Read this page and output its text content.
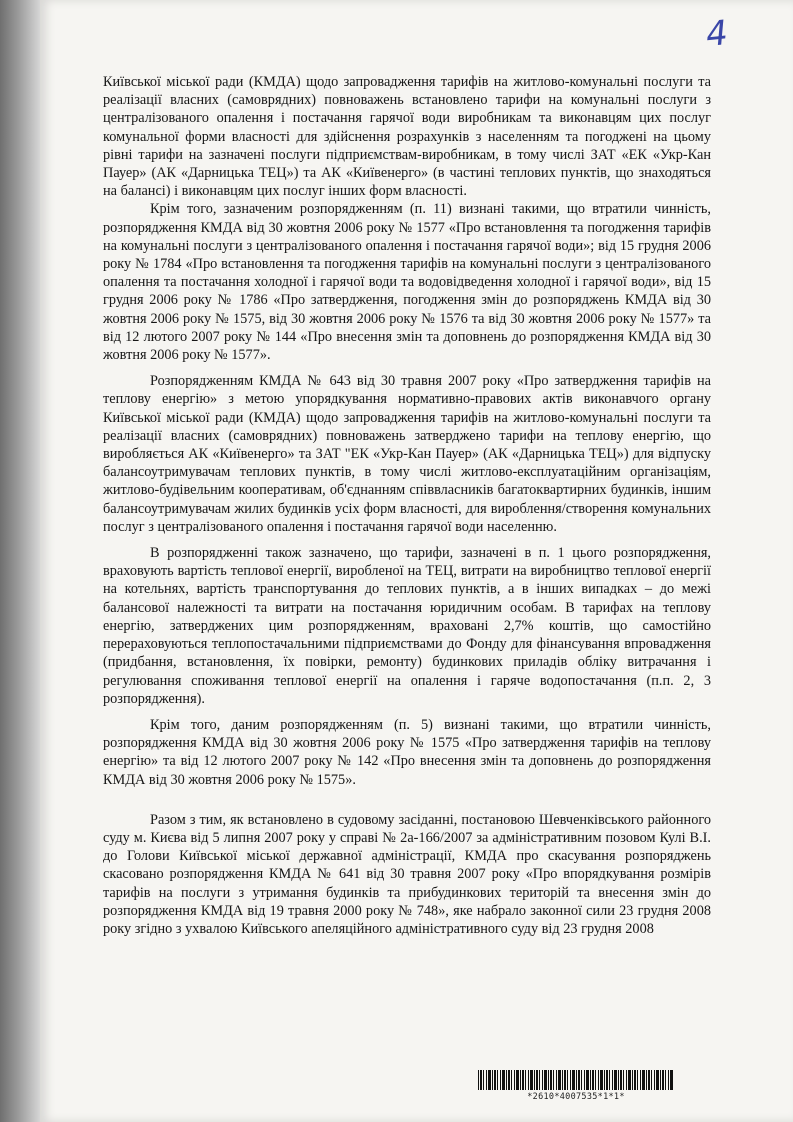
4

Київської міської ради (КМДА) щодо запровадження тарифів на житлово-комунальні послуги та реалізації власних (самоврядних) повноважень встановлено тарифи на комунальні послуги з централізованого опалення і постачання гарячої води виробникам та виконавцям цих послуг комунальної форми власності для здійснення розрахунків з населенням та погоджені на цьому рівні тарифи на зазначені послуги підприємствам-виробникам, в тому числі ЗАТ «ЕК «Укр-Кан Пауер» (АК «Дарницька ТЕЦ») та АК «Київенерго» (в частині теплових пунктів, що знаходяться на балансі) і виконавцям цих послуг інших форм власності.

Крім того, зазначеним розпорядженням (п. 11) визнані такими, що втратили чинність, розпорядження КМДА від 30 жовтня 2006 року № 1577 «Про встановлення та погодження тарифів на комунальні послуги з централізованого опалення і постачання гарячої води»; від 15 грудня 2006 року № 1784 «Про встановлення та погодження тарифів на комунальні послуги з централізованого опалення та постачання холодної і гарячої води та водовідведення холодної і гарячої води», від 15 грудня 2006 року № 1786 «Про затвердження, погодження змін до розпоряджень КМДА від 30 жовтня 2006 року № 1575, від 30 жовтня 2006 року № 1576 та від 30 жовтня 2006 року № 1577» та від 12 лютого 2007 року № 144 «Про внесення змін та доповнень до розпорядження КМДА від 30 жовтня 2006 року № 1577».

Розпорядженням КМДА № 643 від 30 травня 2007 року «Про затвердження тарифів на теплову енергію» з метою упорядкування нормативно-правових актів виконавчого органу Київської міської ради (КМДА) щодо запровадження тарифів на житлово-комунальні послуги та реалізації власних (самоврядних) повноважень затверджено тарифи на теплову енергію, що виробляється АК «Київенерго» та ЗАТ "ЕК «Укр-Кан Пауер» (АК «Дарницька ТЕЦ») для відпуску балансоутримувачам теплових пунктів, в тому числі житлово-експлуатаційним організаціям, житлово-будівельним кооперативам, об'єднанням співвласників багатоквартирних будинків, іншим балансоутримувачам жилих будинків усіх форм власності, для вироблення/створення комунальних послуг з централізованого опалення і постачання гарячої води населенню.

В розпорядженні також зазначено, що тарифи, зазначені в п. 1 цього розпорядження, враховують вартість теплової енергії, виробленої на ТЕЦ, витрати на виробництво теплової енергії на котельнях, вартість транспортування до теплових пунктів, а в інших випадках – до межі балансової належності та витрати на постачання юридичним особам. В тарифах на теплову енергію, затверджених цим розпорядженням, враховані 2,7% коштів, що самостійно перераховуються теплопостачальними підприємствами до Фонду для фінансування впровадження (придбання, встановлення, їх повірки, ремонту) будинкових приладів обліку витрачання і регулювання споживання теплової енергії на опалення і гаряче водопостачання (п.п. 2, 3 розпорядження).

Крім того, даним розпорядженням (п. 5) визнані такими, що втратили чинність, розпорядження КМДА від 30 жовтня 2006 року № 1575 «Про затвердження тарифів на теплову енергію» та від 12 лютого 2007 року № 142 «Про внесення змін та доповнень до розпорядження КМДА від 30 жовтня 2006 року № 1575».

Разом з тим, як встановлено в судовому засіданні, постановою Шевченківського районного суду м. Києва від 5 липня 2007 року у справі № 2а-166/2007 за адміністративним позовом Кулі В.І. до Голови Київської міської державної адміністрації, КМДА про скасування розпоряджень скасовано розпорядження КМДА № 641 від 30 травня 2007 року «Про впорядкування розмірів тарифів на послуги з утримання будинків та прибудинкових територій та внесення змін до розпорядження КМДА від 19 травня 2000 року № 748», яке набрало законної сили 23 грудня 2008 року згідно з ухвалою Київського апеляційного адміністративного суду від 23 грудня 2008

*2610*4007535*1*1*
